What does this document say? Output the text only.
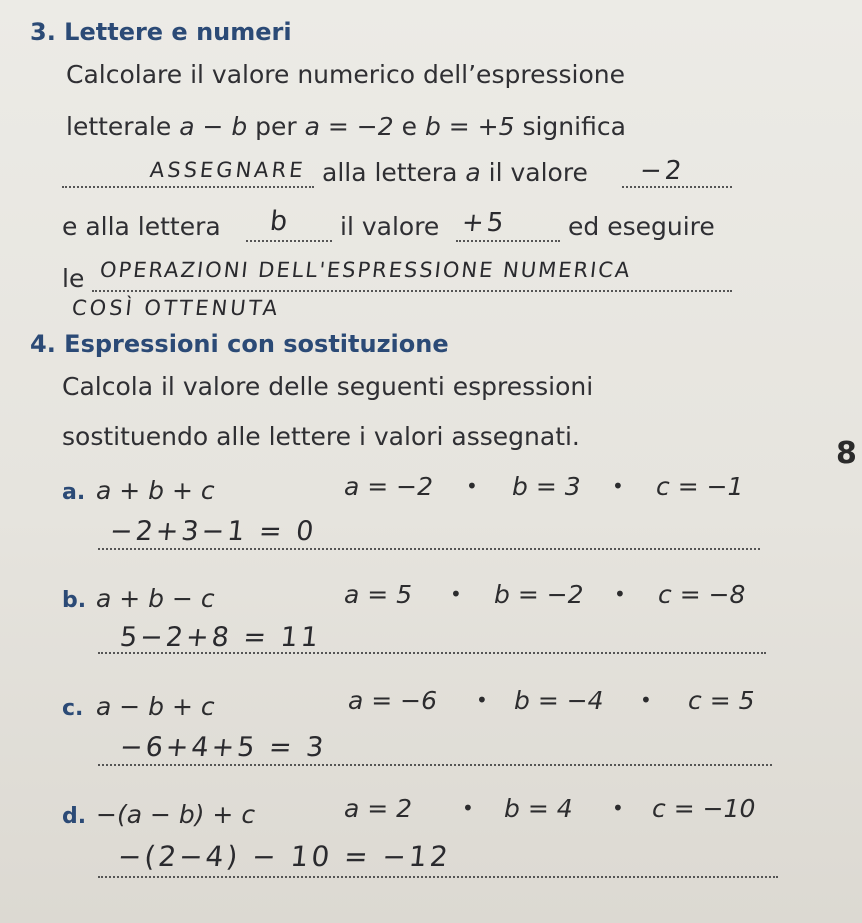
3. Lettere e numeri
Calcolare il valore numerico dell’espressione
letterale a − b per a = −2 e b = +5 significa
ASSEGNARE alla lettera a il valore −2
e alla lettera b il valore +5 ed eseguire
le OPERAZIONI DELL'ESPRESSIONE NUMERICA
COSÌ OTTENUTA
4. Espressioni con sostituzione
Calcola il valore delle seguenti espressioni
sostituendo alle lettere i valori assegnati.	8
a. a + b + c	a = −2 • b = 3 • c = −1
−2+3−1 = 0
b. a + b − c	a = 5 • b = −2 • c = −8
5−2+8 = 11
c. a − b + c	a = −6 • b = −4 • c = 5
−6+4+5 = 3
d. −(a − b) + c	a = 2 • b = 4 • c = −10
−(2−4) − 10 = −12
